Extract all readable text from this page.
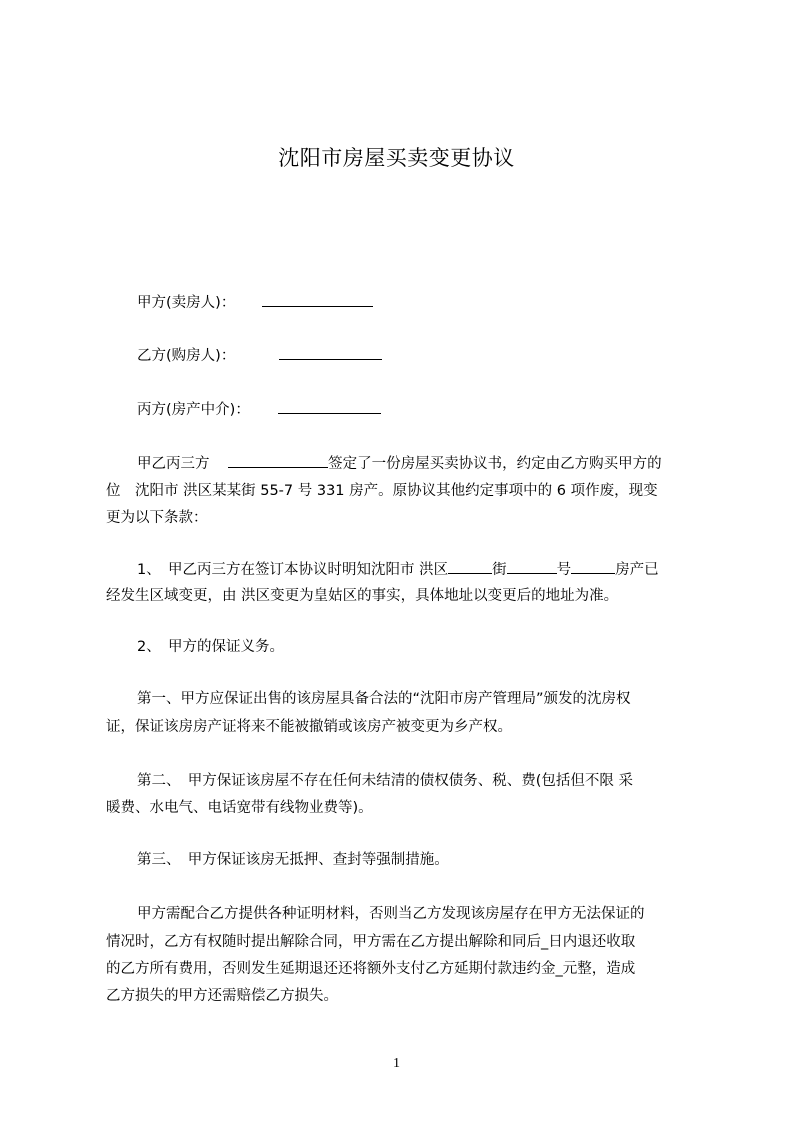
沈阳市房屋买卖变更协议
甲方(卖房人)：
乙方(购房人)：
丙方(房产中介)：
甲乙丙三方	签定了一份房屋买卖协议书，约定由乙方购买甲方的
位　沈阳市 洪区某某街 55-7 号 331 房产。原协议其他约定事项中的 6 项作废，现变
更为以下条款：
1、　甲乙丙三方在签订本协议时明知沈阳市 洪区	街	号	房产已
经发生区域变更，由 洪区变更为皇姑区的事实，具体地址以变更后的地址为准。
2、　甲方的保证义务。
第一、甲方应保证出售的该房屋具备合法的“沈阳市房产管理局”颁发的沈房权
证，保证该房房产证将来不能被撤销或该房产被变更为乡产权。
第二、　甲方保证该房屋不存在任何未结清的债权债务、税、费(包括但不限 采
暖费、水电气、电话宽带有线物业费等)。
第三、　甲方保证该房无抵押、查封等强制措施。
甲方需配合乙方提供各种证明材料，否则当乙方发现该房屋存在甲方无法保证的
情况时，乙方有权随时提出解除合同，甲方需在乙方提出解除和同后_日内退还收取
的乙方所有费用，否则发生延期退还还将额外支付乙方延期付款违约金_元整，造成
乙方损失的甲方还需赔偿乙方损失。
1
